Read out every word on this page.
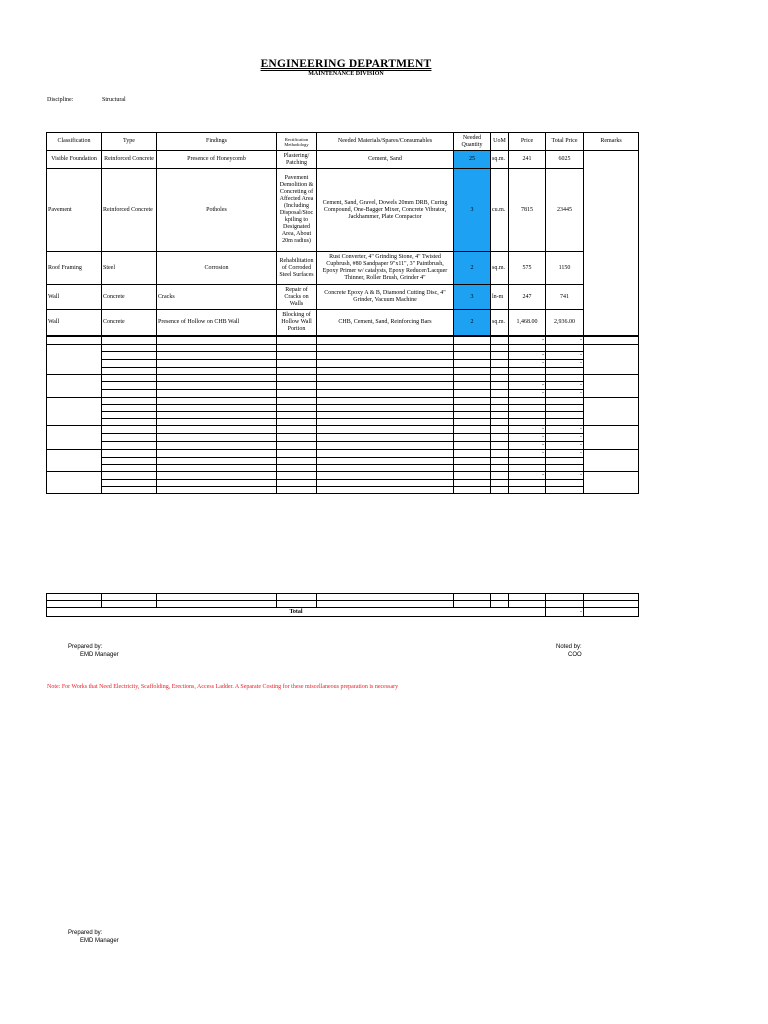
ENGINEERING DEPARTMENT
MAINTENANCE DIVISION
Discipline:	Structural
Classification	Type	Findings	Rectification Methodology	Needed Materials/Spares/Consumables	Needed Quantity	UoM	Price	Total Price	Remarks
Visible Foundation	Reinforced Concrete	Presence of Honeycomb	Plastering/ Patching	Cement, Sand	25	sq.m.	241	6025	
Pavement	Reinforced Concrete	Potholes	Pavement Demolition & Concreting of Affected Area (Including Disposal/Stoc kpiling to Designated Area, About 20m radius)	Cement, Sand, Gravel, Dowels 20mm DRB, Curing Compound, One-Bagger Mixer, Concrete Vibrator, Jackhammer, Plate Compactor	3	cu.m.	7815	23445	
Roof Framing	Steel	Corrosion	Rehabilitation of Corroded Steel Surfaces	Rust Converter, 4" Grinding Stone, 4" Twisted Cupbrush, #80 Sandpaper 9"x11", 3" Paintbrush, Epoxy Primer w/ catalysts, Epoxy Reducer/Lacquer Thinner, Roller Brush, Grinder 4"	2	sq.m.	575	1150	
Wall	Concrete	Cracks	Repair of Cracks on Walls	Concrete Epoxy A & B, Diamond Cutting Disc, 4" Grinder, Vacuum Machine	3	ln-m	247	741	
Wall	Concrete	Presence of Hollow on CHB Wall	Blocking of Hollow Wall Portion	CHB, Cement, Sand, Reinforcing Bars	2	sq.m.	1,468.00	2,936.00	
							-	-	

							-	-	
							-	-	

							-	-	
							-	-	

							-	-	
							-	-	
							-	-	
							-	-	

							-	-	

Total								-	
Prepared by:
EMD Manager
Noted by:
COO
Note: For Works that Need Electricity, Scaffolding, Erections, Access Ladder. A Separate Costing for these miscellaneous preparation is necessary
Prepared by:
EMD Manager
